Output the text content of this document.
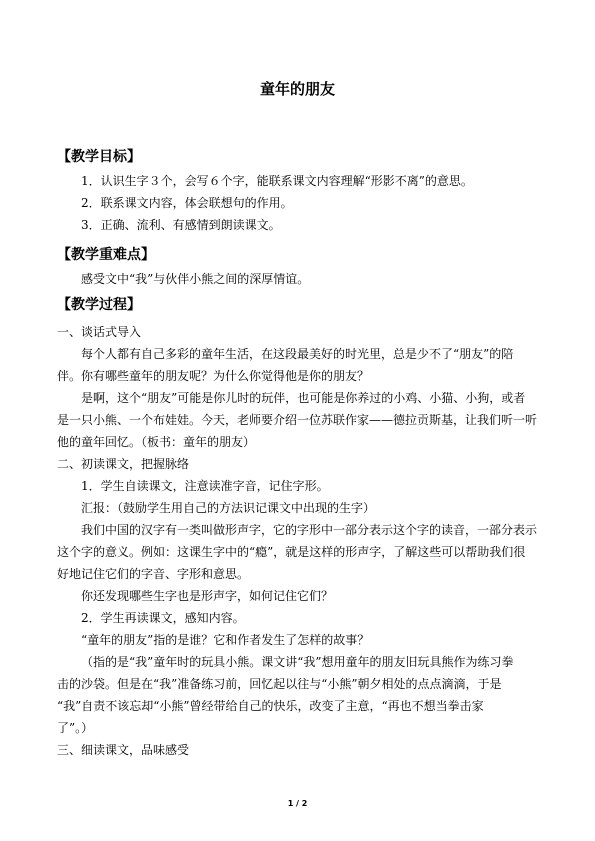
童年的朋友
【教学目标】
1．认识生字３个，会写６个字，能联系课文内容理解“形影不离”的意思。
2．联系课文内容，体会联想句的作用。
3．正确、流利、有感情到朗读课文。
【教学重难点】
感受文中“我”与伙伴小熊之间的深厚情谊。
【教学过程】
一、谈话式导入
每个人都有自己多彩的童年生活，在这段最美好的时光里，总是少不了“朋友”的陪
伴。你有哪些童年的朋友呢？为什么你觉得他是你的朋友？
是啊，这个“朋友”可能是你儿时的玩伴，也可能是你养过的小鸡、小猫、小狗，或者
是一只小熊、一个布娃娃。今天，老师要介绍一位苏联作家——德拉贡斯基，让我们听一听
他的童年回忆。（板书：童年的朋友）
二、初读课文，把握脉络
1．学生自读课文，注意读准字音，记住字形。
汇报：（鼓励学生用自己的方法识记课文中出现的生字）
我们中国的汉字有一类叫做形声字，它的字形中一部分表示这个字的读音，一部分表示
这个字的意义。例如：这课生字中的“瘾”，就是这样的形声字，了解这些可以帮助我们很
好地记住它们的字音、字形和意思。
你还发现哪些生字也是形声字，如何记住它们？
2．学生再读课文，感知内容。
“童年的朋友”指的是谁？它和作者发生了怎样的故事？
（指的是“我”童年时的玩具小熊。课文讲“我”想用童年的朋友旧玩具熊作为练习拳
击的沙袋。但是在“我”准备练习前，回忆起以往与“小熊”朝夕相处的点点滴滴，于是
“我”自责不该忘却“小熊”曾经带给自己的快乐，改变了主意，“再也不想当拳击家
了”。）
三、细读课文，品味感受
1 / 2
